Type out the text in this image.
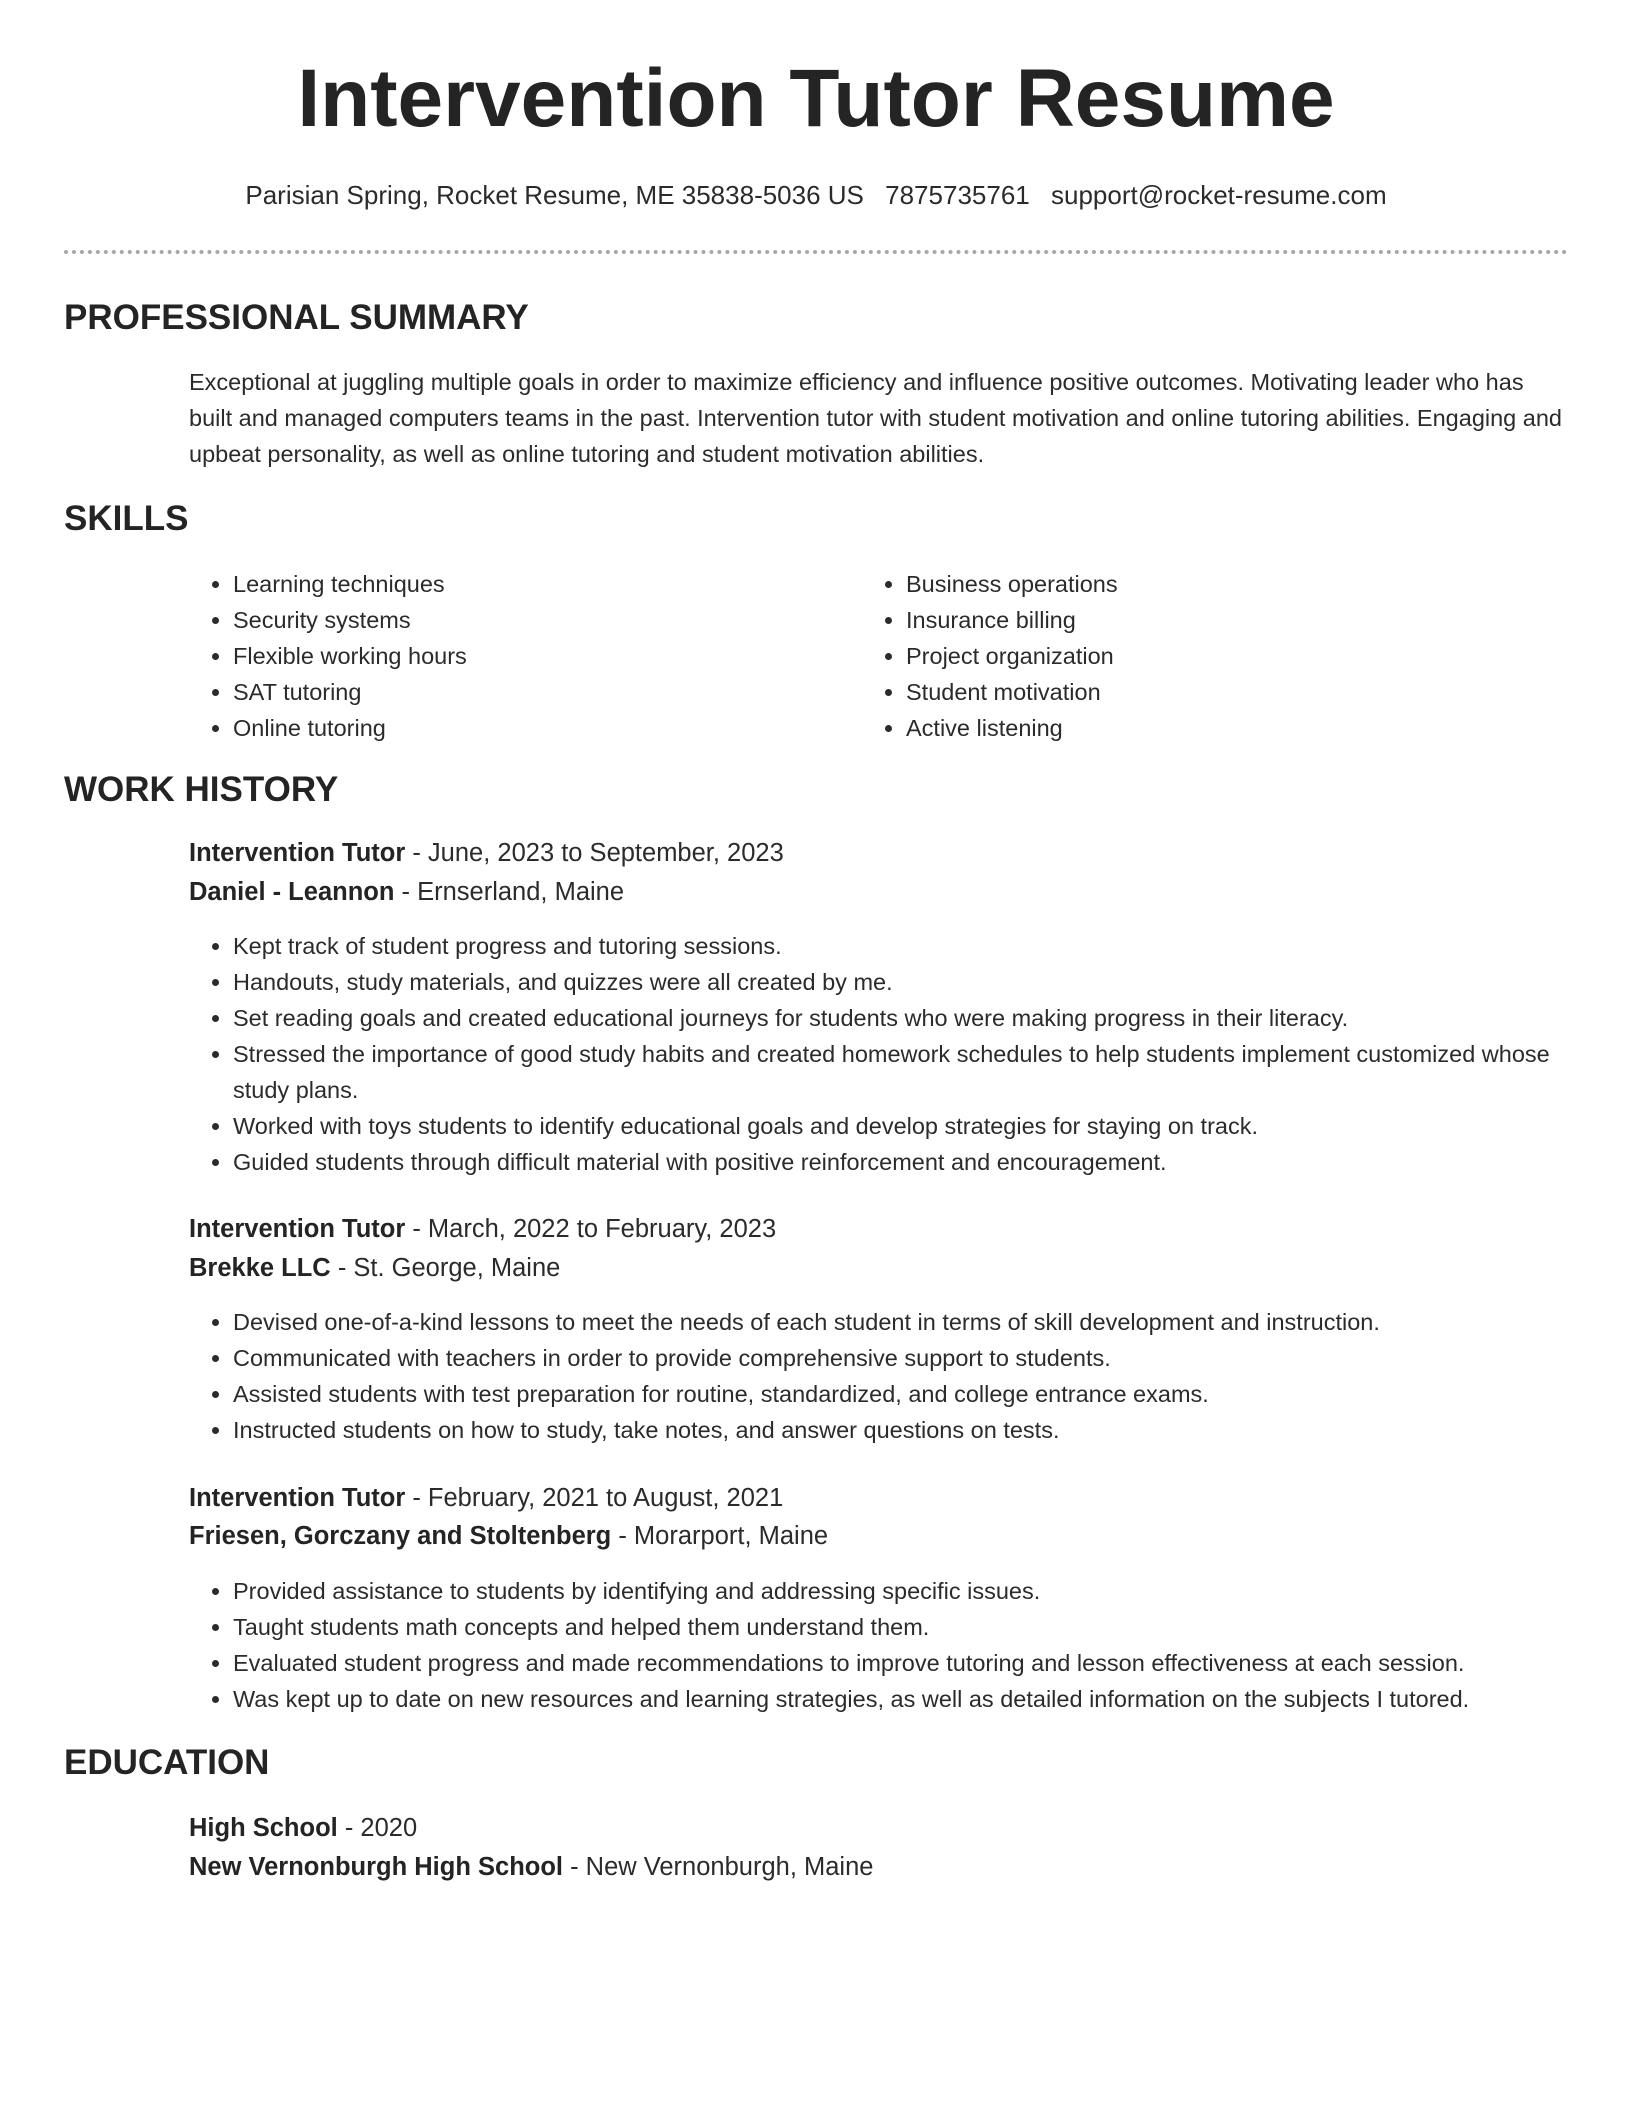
Intervention Tutor Resume
Parisian Spring, Rocket Resume, ME 35838-5036 US 7875735761 support@rocket-resume.com
PROFESSIONAL SUMMARY

Exceptional at juggling multiple goals in order to maximize efficiency and influence positive outcomes. Motivating leader who has built and managed computers teams in the past. Intervention tutor with student motivation and online tutoring abilities. Engaging and upbeat personality, as well as online tutoring and student motivation abilities.

SKILLS
• Learning techniques
• Security systems
• Flexible working hours
• SAT tutoring
• Online tutoring
• Business operations
• Insurance billing
• Project organization
• Student motivation
• Active listening
WORK HISTORY
Intervention Tutor - June, 2023 to September, 2023
Daniel - Leannon - Ernserland, Maine
• Kept track of student progress and tutoring sessions.
• Handouts, study materials, and quizzes were all created by me.
• Set reading goals and created educational journeys for students who were making progress in their literacy.
• Stressed the importance of good study habits and created homework schedules to help students implement customized whose study plans.
• Worked with toys students to identify educational goals and develop strategies for staying on track.
• Guided students through difficult material with positive reinforcement and encouragement.
Intervention Tutor - March, 2022 to February, 2023
Brekke LLC - St. George, Maine
• Devised one-of-a-kind lessons to meet the needs of each student in terms of skill development and instruction.
• Communicated with teachers in order to provide comprehensive support to students.
• Assisted students with test preparation for routine, standardized, and college entrance exams.
• Instructed students on how to study, take notes, and answer questions on tests.
Intervention Tutor - February, 2021 to August, 2021
Friesen, Gorczany and Stoltenberg - Morarport, Maine
• Provided assistance to students by identifying and addressing specific issues.
• Taught students math concepts and helped them understand them.
• Evaluated student progress and made recommendations to improve tutoring and lesson effectiveness at each session.
• Was kept up to date on new resources and learning strategies, as well as detailed information on the subjects I tutored.
EDUCATION
High School - 2020
New Vernonburgh High School - New Vernonburgh, Maine
